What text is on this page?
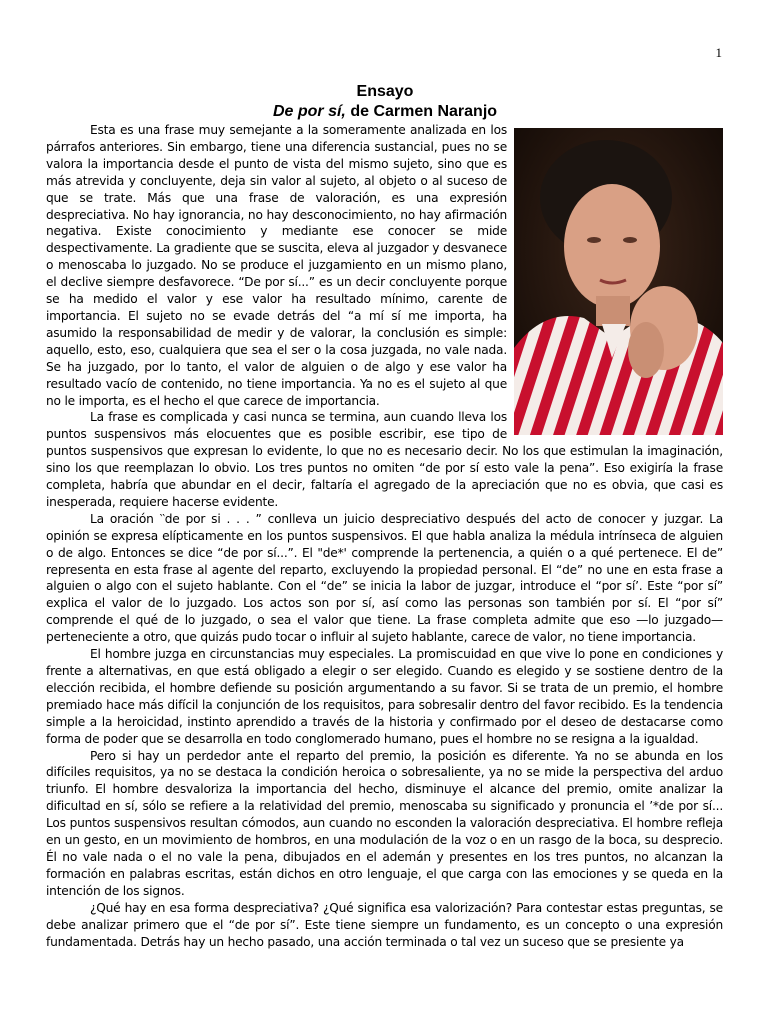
1
Ensayo
De por sí, de Carmen Naranjo

Esta es una frase muy semejante a la someramente analizada en los párrafos anteriores. Sin embargo, tiene una diferencia sustancial, pues no se valora la importancia desde el punto de vista del mismo sujeto, sino que es más atrevida y concluyente, deja sin valor al sujeto, al objeto o al suceso de que se trate. Más que una frase de valoración, es una expresión despreciativa. No hay ignorancia, no hay desconocimiento, no hay afirmación negativa. Existe conocimiento y mediante ese conocer se mide despectivamente. La gradiente que se suscita, eleva al juzgador y desvanece o menoscaba lo juzgado. No se produce el juzgamiento en un mismo plano, el declive siempre desfavorece. “De por sí...” es un decir concluyente porque se ha medido el valor y ese valor ha resultado mínimo, carente de importancia. El sujeto no se evade detrás del “a mí sí me importa, ha asumido la responsabilidad de medir y de valorar, la conclusión es simple: aquello, esto, eso, cualquiera que sea el ser o la cosa juzgada, no vale nada. Se ha juzgado, por lo tanto, el valor de alguien o de algo y ese valor ha resultado vacío de contenido, no tiene importancia. Ya no es el sujeto al que no le importa, es el hecho el que carece de importancia.

La frase es complicada y casi nunca se termina, aun cuando lleva los puntos suspensivos más elocuentes que es posible escribir, ese tipo de puntos suspensivos que expresan lo evidente, lo que no es necesario decir. No los que estimulan la imaginación, sino los que reemplazan lo obvio. Los tres puntos no omiten “de por sí esto vale la pena”. Eso exigiría la frase completa, habría que abundar en el decir, faltaría el agregado de la apreciación que no es obvia, que casi es inesperada, requiere hacerse evidente.

La oración ‵‵de por si . . . ” conlleva un juicio despreciativo después del acto de conocer y juzgar. La opinión se expresa elípticamente en los puntos suspensivos. El que habla analiza la médula intrínseca de alguien o de algo. Entonces se dice “de por sí...”. El "de*' comprende la pertenencia, a quién o a qué pertenece. El de” representa en esta frase al agente del reparto, excluyendo la propiedad personal. El “de” no une en esta frase a alguien o algo con el sujeto hablante. Con el “de” se inicia la labor de juzgar, introduce el “por sí’. Este “por sí” explica el valor de lo juzgado. Los actos son por sí, así como las personas son también por sí. El “por sí” comprende el qué de lo juzgado, o sea el valor que tiene. La frase completa admite que eso —lo juzgado— perteneciente a otro, que quizás pudo tocar o influir al sujeto hablante, carece de valor, no tiene importancia.

El hombre juzga en circunstancias muy especiales. La promiscuidad en que vive lo pone en condiciones y frente a alternativas, en que está obligado a elegir o ser elegido. Cuando es elegido y se sostiene dentro de la elección recibida, el hombre defiende su posición argumentando a su favor. Si se trata de un premio, el hombre premiado hace más difícil la conjunción de los requisitos, para sobresalir dentro del favor recibido. Es la tendencia simple a la heroicidad, instinto aprendido a través de la historia y confirmado por el deseo de destacarse como forma de poder que se desarrolla en todo conglomerado humano, pues el hombre no se resigna a la igualdad.

Pero si hay un perdedor ante el reparto del premio, la posición es diferente. Ya no se abunda en los difíciles requisitos, ya no se destaca la condición heroica o sobresaliente, ya no se mide la perspectiva del arduo triunfo. El hombre desvaloriza la importancia del hecho, disminuye el alcance del premio, omite analizar la dificultad en sí, sólo se refiere a la relatividad del premio, menoscaba su significado y pronuncia el ’*de por sí... Los puntos suspensivos resultan cómodos, aun cuando no esconden la valoración despreciativa. El hombre refleja en un gesto, en un movimiento de hombros, en una modulación de la voz o en un rasgo de la boca, su desprecio. Él no vale nada o el no vale la pena, dibujados en el ademán y presentes en los tres puntos, no alcanzan la formación en palabras escritas, están dichos en otro lenguaje, el que carga con las emociones y se queda en la intención de los signos.

¿Qué hay en esa forma despreciativa? ¿Qué significa esa valorización? Para contestar estas preguntas, se debe analizar primero que el “de por sí”. Este tiene siempre un fundamento, es un concepto o una expresión fundamentada. Detrás hay un hecho pasado, una acción terminada o tal vez un suceso que se presiente ya
